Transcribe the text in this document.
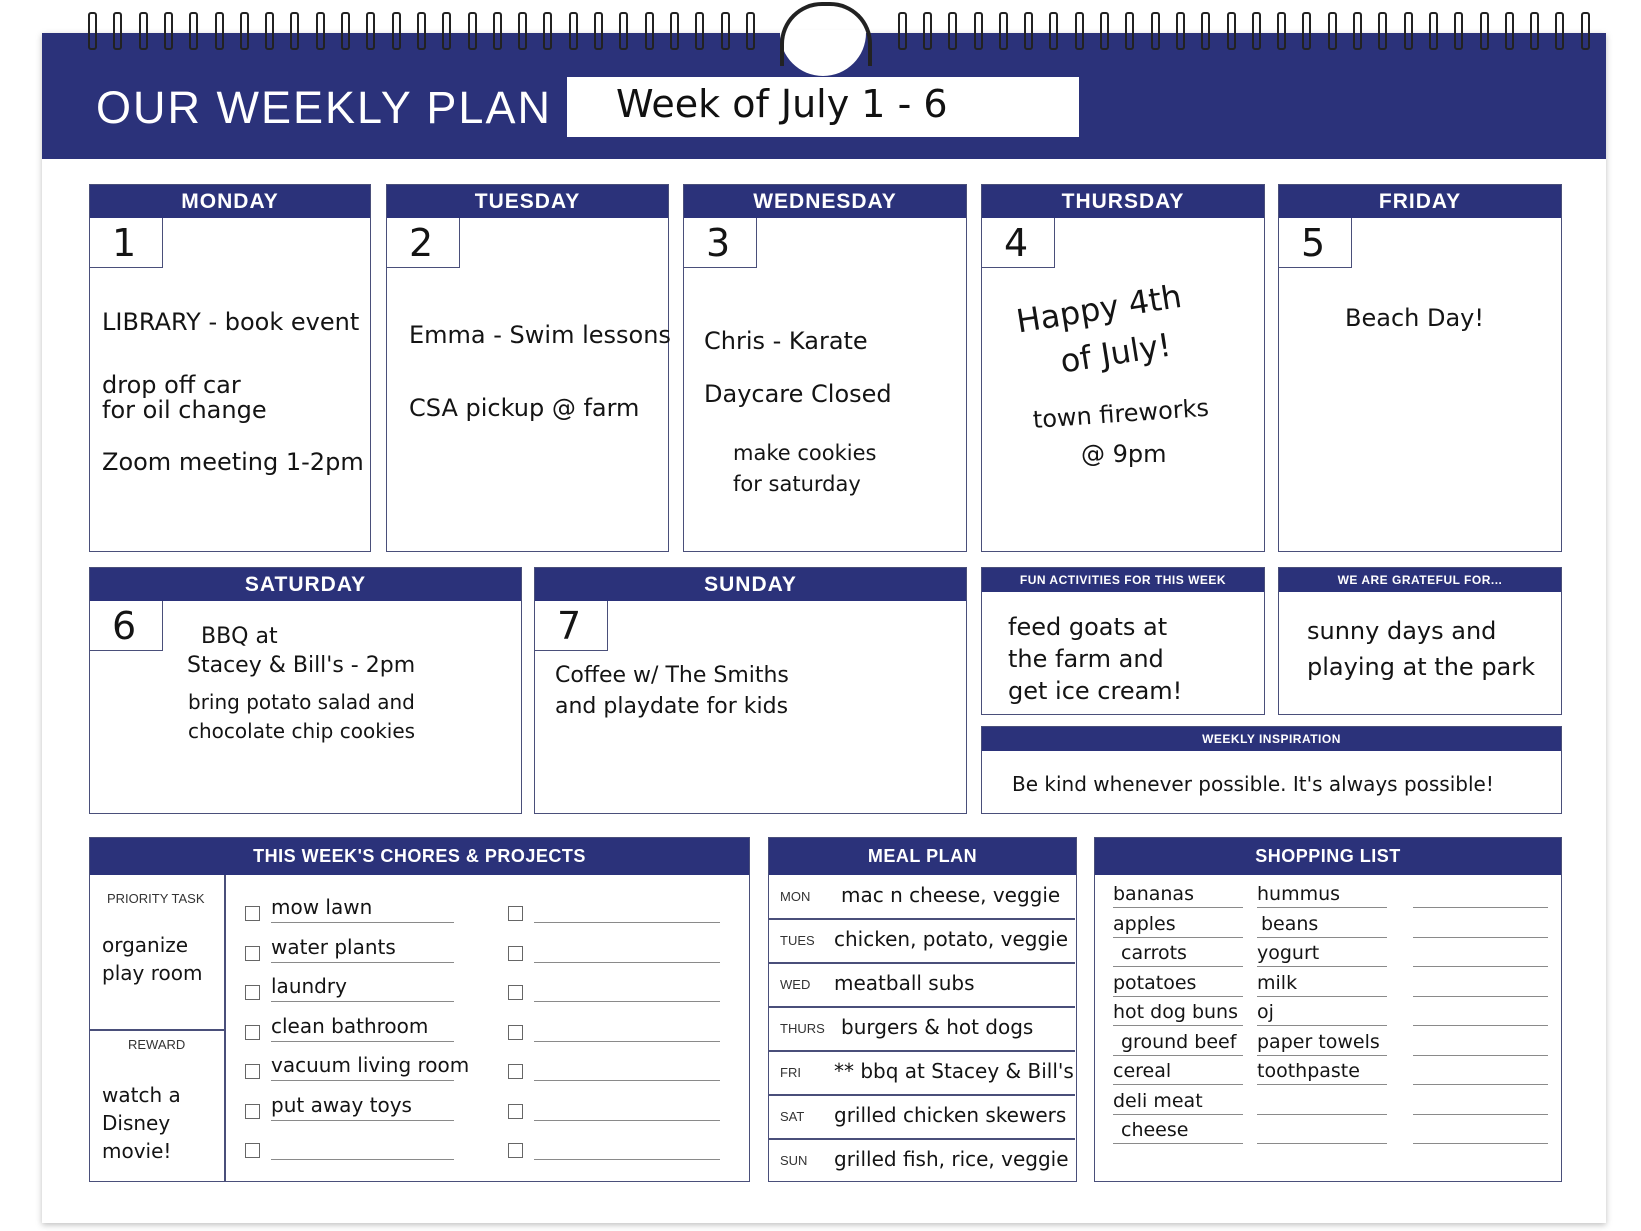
OUR WEEKLY PLAN Week of July 1 - 6
MONDAY
1
LIBRARY - book event
drop off car
for oil change
Zoom meeting 1-2pm
TUESDAY
2
Emma - Swim lessons
CSA pickup @ farm
WEDNESDAY
3
Chris - Karate
Daycare Closed
make cookies
for saturday
THURSDAY
4
Happy 4th
of July!
town fireworks
@ 9pm
FRIDAY
5
Beach Day!
SATURDAY
6	BBQ at
Stacey & Bill's - 2pm
bring potato salad and
chocolate chip cookies
SUNDAY
7
Coffee w/ The Smiths
and playdate for kids
FUN ACTIVITIES FOR THIS WEEK
feed goats at
the farm and
get ice cream!
WE ARE GRATEFUL FOR...
sunny days and
playing at the park
WEEKLY INSPIRATION
Be kind whenever possible. It's always possible!
THIS WEEK'S CHORES & PROJECTS
PRIORITY TASK
organize
play room
REWARD
watch a
Disney
movie!
mow lawn
water plants
laundry
clean bathroom
vacuum living room
put away toys
MEAL PLAN
MON mac n cheese, veggie
TUES chicken, potato, veggie
WED meatball subs
THURS burgers & hot dogs
FRI ** bbq at Stacey & Bill's
SAT grilled chicken skewers
SUN grilled fish, rice, veggie
SHOPPING LIST
bananas
apples
carrots
potatoes
hot dog buns
ground beef
cereal
deli meat
cheese
hummus
beans
yogurt
milk
oj
paper towels
toothpaste
